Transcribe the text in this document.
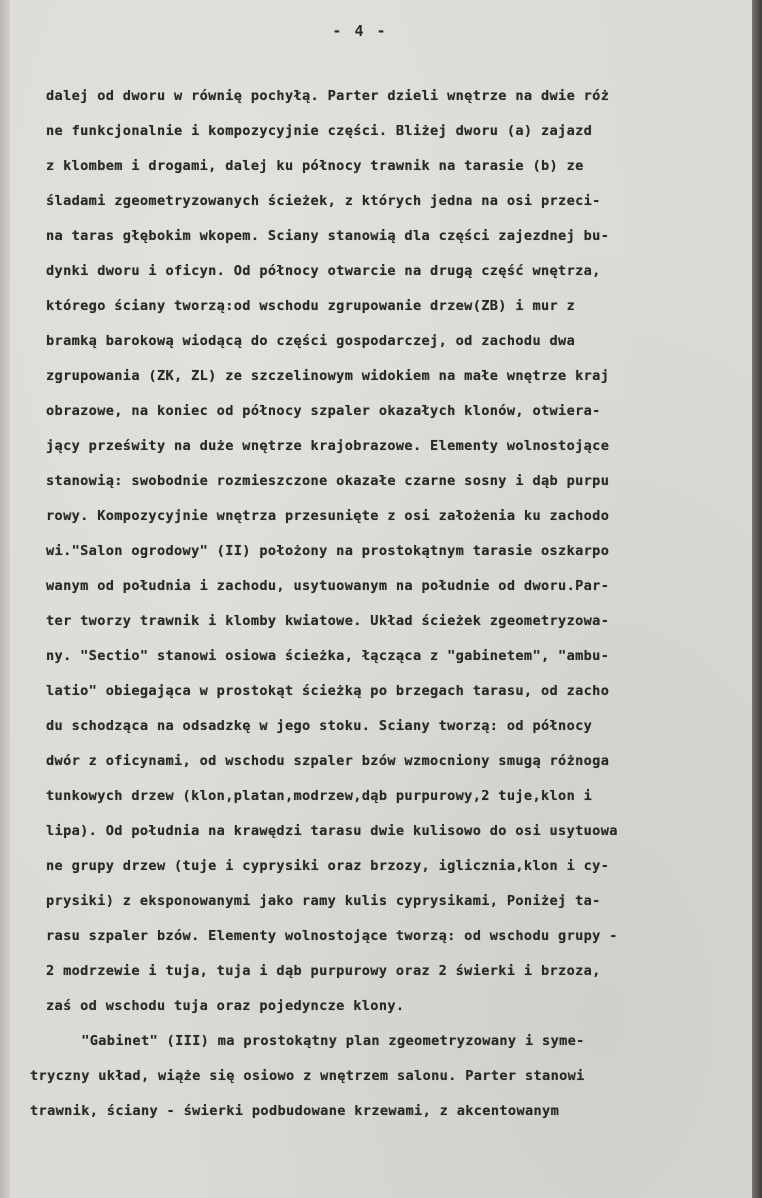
- 4 -
dalej od dworu w równię pochyłą. Parter dzieli wnętrze na dwie róż
ne funkcjonalnie i kompozycyjnie części. Bliżej dworu (a) zajazd
z klombem i drogami, dalej ku północy trawnik na tarasie (b) ze
śladami zgeometryzowanych ścieżek, z których jedna na osi przeci-
na taras głębokim wkopem. Sciany stanowią dla części zajezdnej bu-
dynki dworu i oficyn. Od północy otwarcie na drugą część wnętrza,
którego ściany tworzą:od wschodu zgrupowanie drzew(ZB) i mur z
bramką barokową wiodącą do części gospodarczej, od zachodu dwa
zgrupowania (ZK, ZL) ze szczelinowym widokiem na małe wnętrze kraj
obrazowe, na koniec od północy szpaler okazałych klonów, otwiera-
jący prześwity na duże wnętrze krajobrazowe. Elementy wolnostojące
stanowią: swobodnie rozmieszczone okazałe czarne sosny i dąb purpu
rowy. Kompozycyjnie wnętrza przesunięte z osi założenia ku zachodo
wi."Salon ogrodowy" (II) położony na prostokątnym tarasie oszkarpo
wanym od południa i zachodu, usytuowanym na południe od dworu.Par-
ter tworzy trawnik i klomby kwiatowe. Układ ścieżek zgeometryzowa-
ny. "Sectio" stanowi osiowa ścieżka, łącząca z "gabinetem", "ambu-
latio" obiegająca w prostokąt ścieżką po brzegach tarasu, od zacho
du schodząca na odsadzkę w jego stoku. Sciany tworzą: od północy
dwór z oficynami, od wschodu szpaler bzów wzmocniony smugą różnoga
tunkowych drzew (klon,platan,modrzew,dąb purpurowy,2 tuje,klon i
lipa). Od południa na krawędzi tarasu dwie kulisowo do osi usytuowa
ne grupy drzew (tuje i cyprysiki oraz brzozy, iglicznia,klon i cy-
prysiki) z eksponowanymi jako ramy kulis cyprysikami, Poniżej ta-
rasu szpaler bzów. Elementy wolnostojące tworzą: od wschodu grupy -
2 modrzewie i tuja, tuja i dąb purpurowy oraz 2 świerki i brzoza,
zaś od wschodu tuja oraz pojedyncze klony.
"Gabinet" (III) ma prostokątny plan zgeometryzowany i syme-
tryczny układ, wiąże się osiowo z wnętrzem salonu. Parter stanowi
trawnik, ściany - świerki podbudowane krzewami, z akcentowanym
